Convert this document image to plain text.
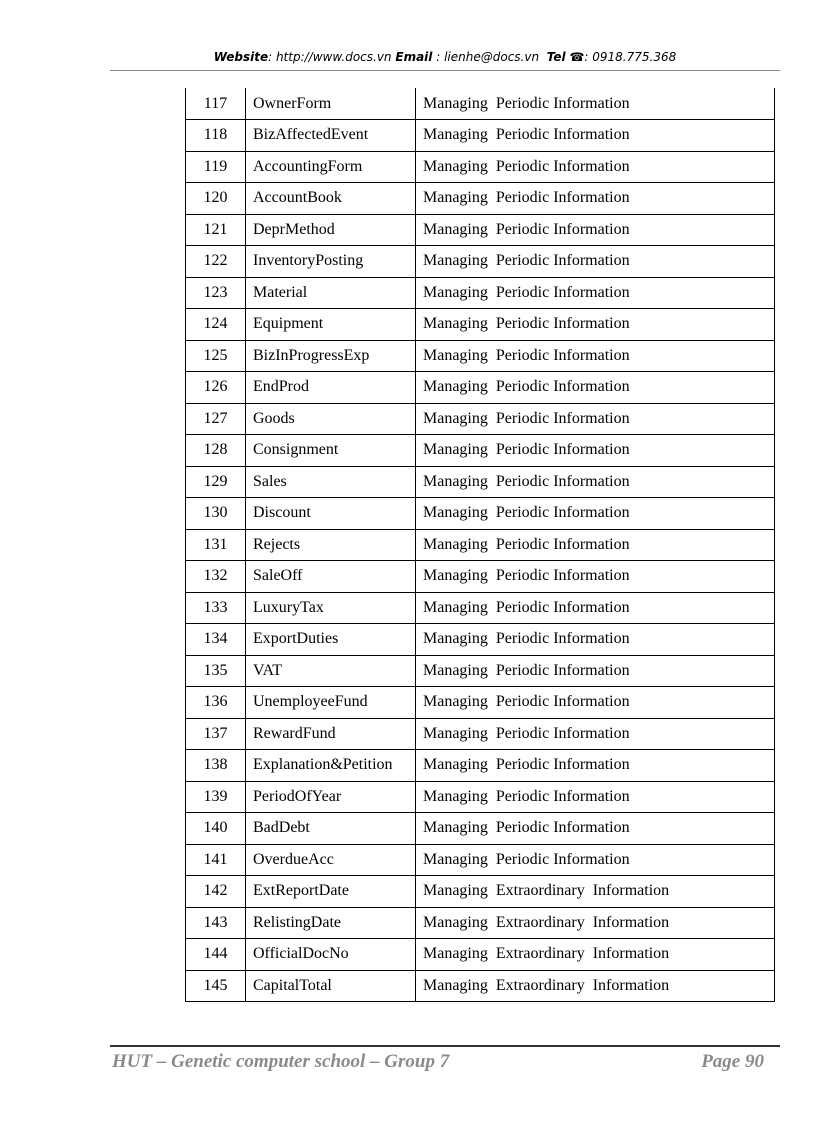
Website: http://www.docs.vn Email : lienhe@docs.vn Tel ☎: 0918.775.368
117	OwnerForm	Managing  Periodic Information
118	BizAffectedEvent	Managing  Periodic Information
119	AccountingForm	Managing  Periodic Information
120	AccountBook	Managing  Periodic Information
121	DeprMethod	Managing  Periodic Information
122	InventoryPosting	Managing  Periodic Information
123	Material	Managing  Periodic Information
124	Equipment	Managing  Periodic Information
125	BizInProgressExp	Managing  Periodic Information
126	EndProd	Managing  Periodic Information
127	Goods	Managing  Periodic Information
128	Consignment	Managing  Periodic Information
129	Sales	Managing  Periodic Information
130	Discount	Managing  Periodic Information
131	Rejects	Managing  Periodic Information
132	SaleOff	Managing  Periodic Information
133	LuxuryTax	Managing  Periodic Information
134	ExportDuties	Managing  Periodic Information
135	VAT	Managing  Periodic Information
136	UnemployeeFund	Managing  Periodic Information
137	RewardFund	Managing  Periodic Information
138	Explanation&Petition	Managing  Periodic Information
139	PeriodOfYear	Managing  Periodic Information
140	BadDebt	Managing  Periodic Information
141	OverdueAcc	Managing  Periodic Information
142	ExtReportDate	Managing  Extraordinary  Information
143	RelistingDate	Managing  Extraordinary  Information
144	OfficialDocNo	Managing  Extraordinary  Information
145	CapitalTotal	Managing  Extraordinary  Information
HUT – Genetic computer school – Group 7	Page 90
